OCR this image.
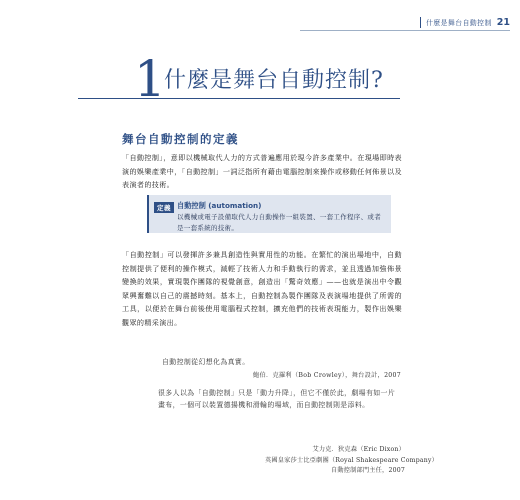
什麼是舞台自動控制 21
1
什麼是舞台自動控制?
舞台自動控制的定義
「自動控制」，意即以機械取代人力的方式普遍應用於現今許多產業中。在現場即時表演的娛樂產業中，「自動控制」一詞泛指所有藉由電腦控制來操作或移動任何佈景以及表演者的技術。
定義 自動控制 (automation)
以機械或電子設備取代人力自動操作一組裝置、一套工作程序、或者是一套系統的技術。
「自動控制」可以發揮許多兼具創造性與實用性的功能。在繁忙的演出場地中，自動控制提供了便利的操作模式，減輕了技術人力和手動執行的需求，並且透過加強佈景變換的效果，實現製作團隊的視覺創意，創造出「驚奇效應」——也就是演出中令觀眾興奮難以自己的震撼時刻。基本上，自動控制為製作團隊及表演場地提供了所需的工具，以便於在舞台前後使用電腦程式控制，擴充他們的技術表現能力，製作出娛樂觀眾的精采演出。
自動控制從幻想化為真實。
鮑伯．克羅利（Bob Crowley），舞台設計，2007
很多人以為「自動控制」只是「動力升降」，但它不僅於此，劇場有如一片畫布，一個可以裝置德揚機和滑輪的場域，而自動控制則是添料。
艾力克．狄克森（Eric Dixon）
英國皇家莎士比亞劇團（Royal Shakespeare Company）
自動控制部門主任，2007
